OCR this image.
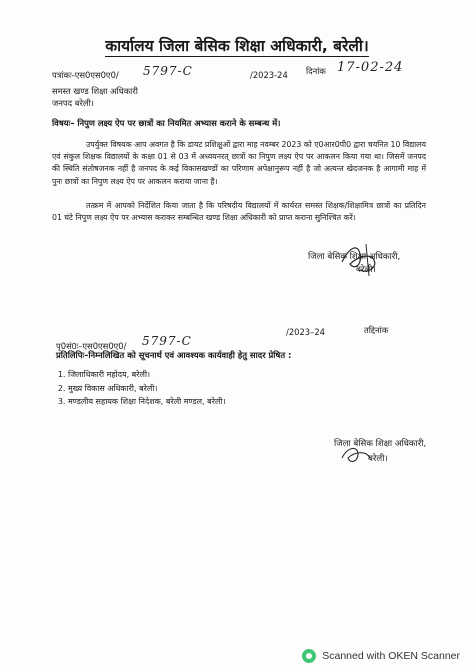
कार्यालय जिला बेसिक शिक्षा अधिकारी, बरेली।
पत्रांकः-एस0एस0ए0/ 5797-C	/2023-24 दिनांक 17-02-24
समस्त खण्ड शिक्षा अधिकारी
जनपद बरेली।
विषयः– निपुण लक्ष्य ऐप पर छात्रों का नियमित अभ्यास कराने के सम्बन्ध में।
उपर्युक्त विषयक आप अवगत है कि डायट प्रशिक्षुओं द्वारा माह नवम्बर 2023 को ए0आर0पी0 द्वारा चयनित 10 विद्यालय एवं संकुल शिक्षक विद्यालयों के कक्षा 01 से 03 में अध्ययनरत् छात्रों का निपुण लक्ष्य ऐप पर आकलन किया गया था। जिसमें जनपद की स्थिति संतोषजनक नहीं है जनपद के कई विकासखण्डों का परिणाम अपेक्षानुरूप नहीं है जो अत्यन्त खेदजनक है आगामी माह में पुनः छात्रों का निपुण लक्ष्य ऐप पर आकलन कराया जाना है।
तत्क्रम में आपको निर्देशित किया जाता है कि परिषदीय विद्यालयों में कार्यरत समस्त शिक्षक/शिक्षामित्र छात्रों का प्रतिदिन 01 घंटे निपुण लक्ष्य ऐप पर अभ्यास कराकर सम्बन्धित खण्ड शिक्षा अधिकारी को प्राप्त कराना सुनिश्चित करें।
जिला बेसिक शिक्षा अधिकारी,
बरेली।
पृ0सं0ः–एस0एस0ए0/ 5797-C
/2023–24	तद्दिनांक
प्रतिलिपिः–निम्नलिखित को सूचनार्थ एवं आवश्यक कार्यवाही हेतु सादर प्रेषित :
1. जिलाधिकारी महोदय, बरेली।
2. मुख्य विकास अधिकारी, बरेली।
3. मण्डलीय सहायक शिक्षा निदेशक, बरेली मण्डल, बरेली।
जिला बेसिक शिक्षा अधिकारी,
बरेली।
Scanned with OKEN Scanner
